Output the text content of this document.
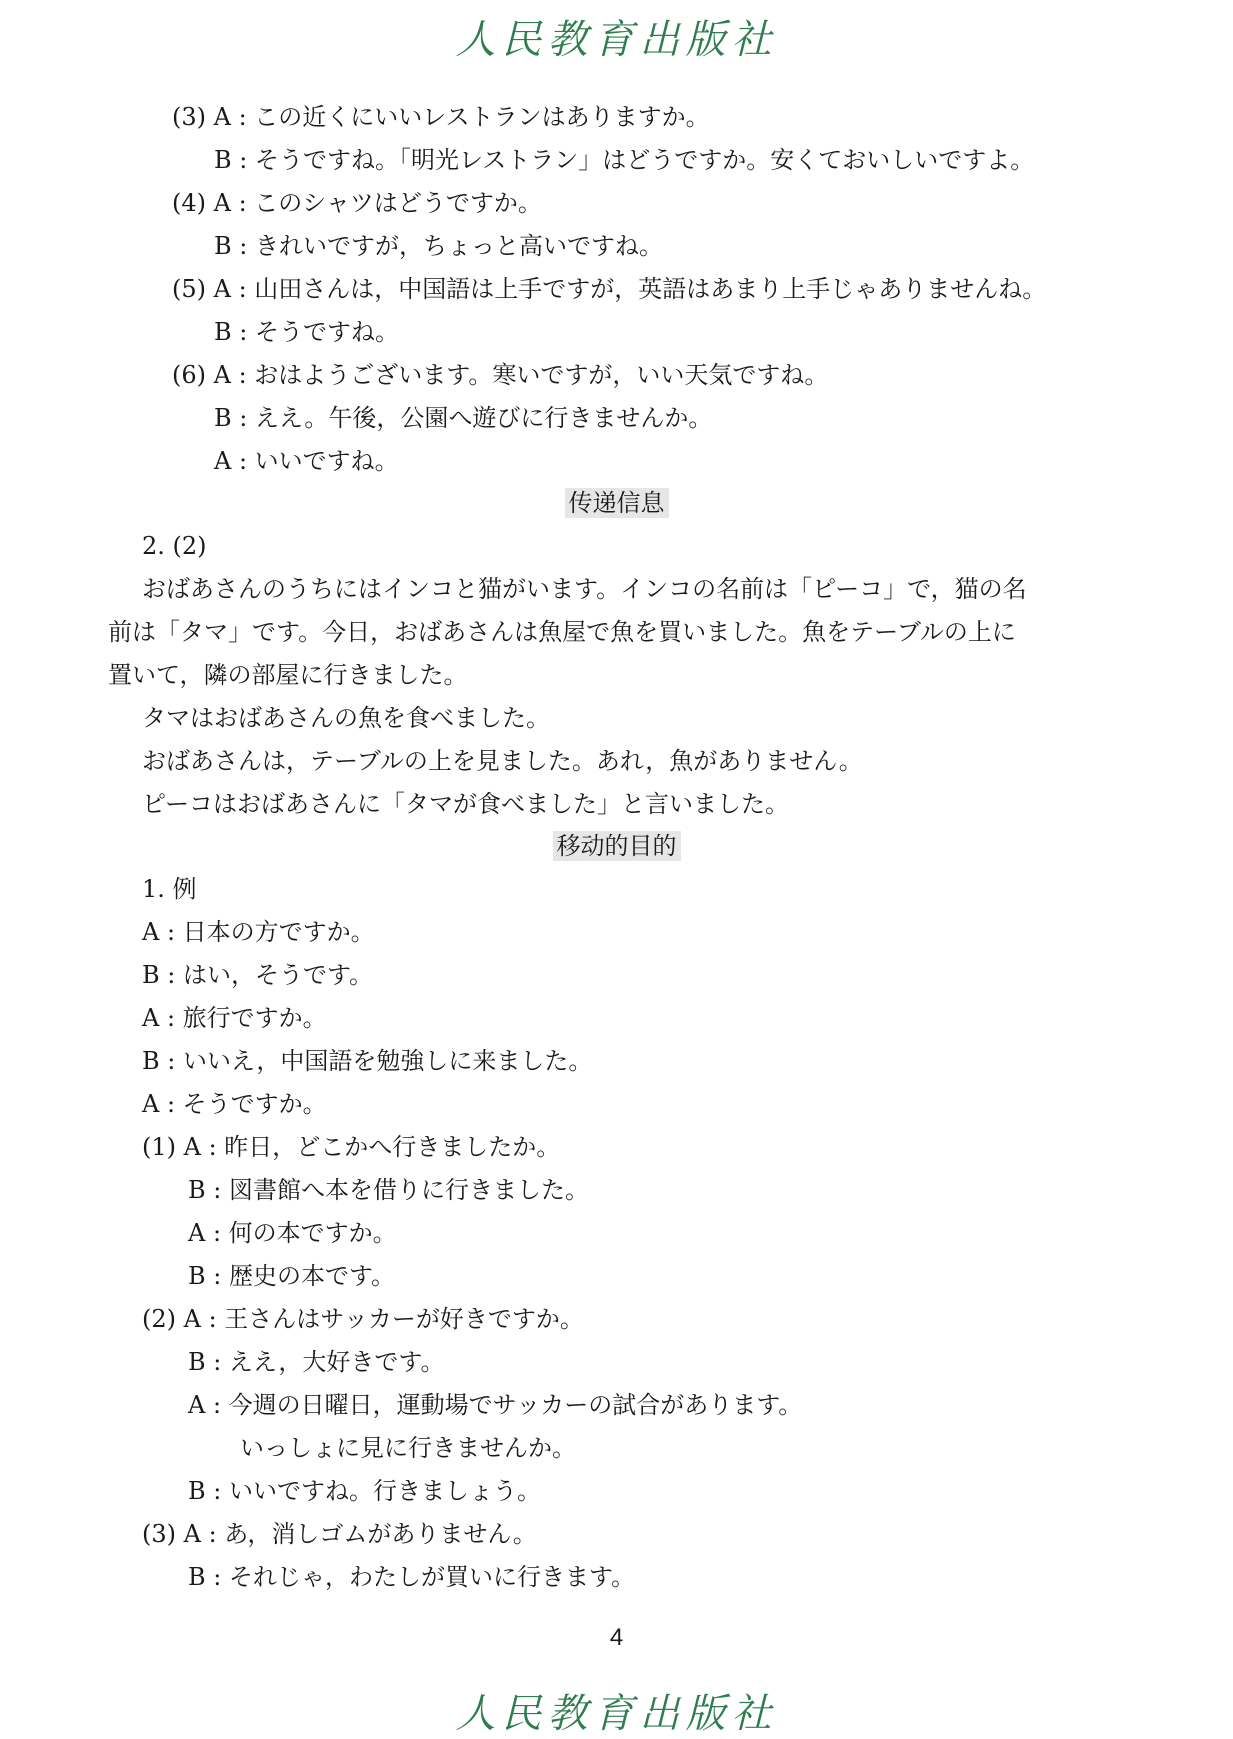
人民教育出版社
(3) A : この近くにいいレストランはありますか。
B : そうですね。「明光レストラン」はどうですか。安くておいしいですよ。
(4) A : このシャツはどうですか。
B : きれいですが，ちょっと高いですね。
(5) A : 山田さんは，中国語は上手ですが，英語はあまり上手じゃありませんね。
B : そうですね。
(6) A : おはようございます。寒いですが，いい天気ですね。
B : ええ。午後，公園へ遊びに行きませんか。
A : いいですね。
传递信息
2. (2)
おばあさんのうちにはインコと猫がいます。インコの名前は「ピーコ」で，猫の名
前は「タマ」です。今日，おばあさんは魚屋で魚を買いました。魚をテーブルの上に
置いて，隣の部屋に行きました。
タマはおばあさんの魚を食べました。
おばあさんは，テーブルの上を見ました。あれ，魚がありません。
ピーコはおばあさんに「タマが食べました」と言いました。
移动的目的
1. 例
A : 日本の方ですか。
B : はい，そうです。
A : 旅行ですか。
B : いいえ，中国語を勉強しに来ました。
A : そうですか。
(1) A : 昨日，どこかへ行きましたか。
B : 図書館へ本を借りに行きました。
A : 何の本ですか。
B : 歴史の本です。
(2) A : 王さんはサッカーが好きですか。
B : ええ，大好きです。
A : 今週の日曜日，運動場でサッカーの試合があります。
いっしょに見に行きませんか。
B : いいですね。行きましょう。
(3) A : あ，消しゴムがありません。
B : それじゃ，わたしが買いに行きます。
4
人民教育出版社
